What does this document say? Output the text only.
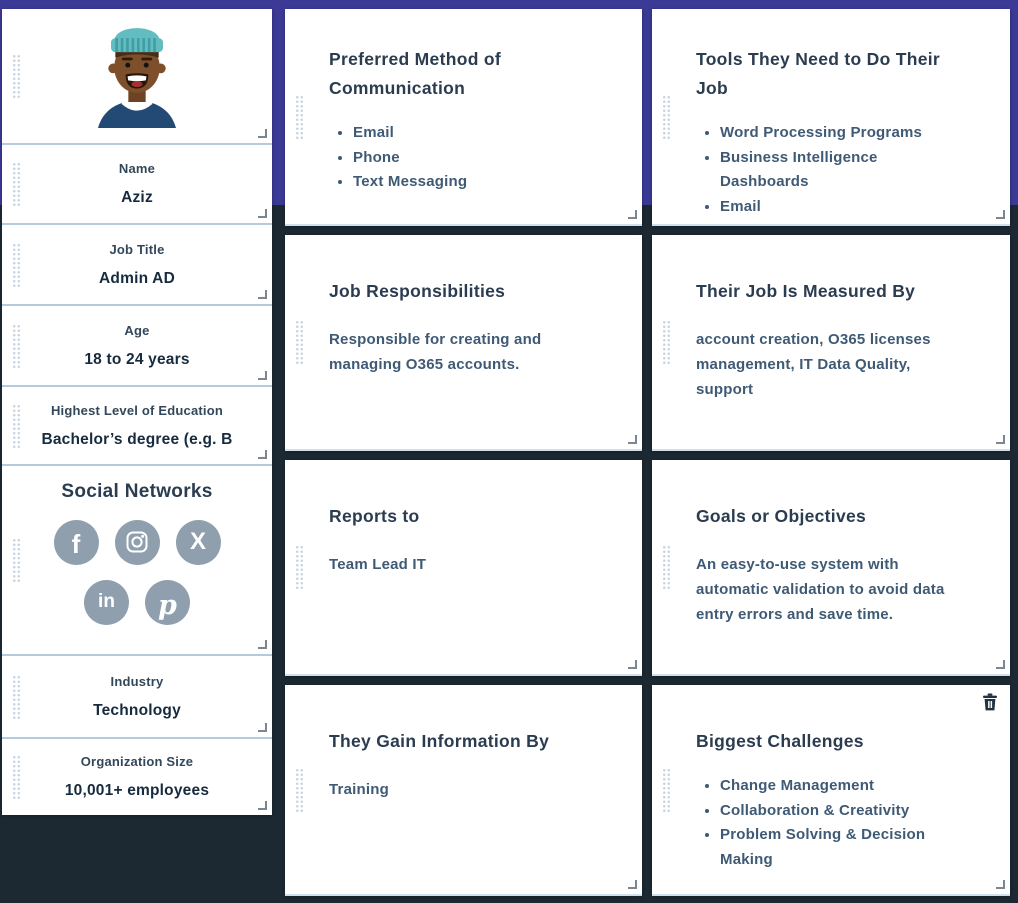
Name
Aziz
Job Title
Admin AD
Age
18 to 24 years
Highest Level of Education
Bachelor’s degree (e.g. B
Social Networks
f	X
in p
Industry
Technology
Organization Size
10,001+ employees
Preferred Method of Communication
• Email
• Phone
• Text Messaging
Tools They Need to Do Their Job
• Word Processing Programs
• Business Intelligence Dashboards
• Email
Job Responsibilities

Responsible for creating and managing O365 accounts.

Their Job Is Measured By

account creation, O365 licenses management, IT Data Quality, support

Reports to

Team Lead IT

Goals or Objectives

An easy-to-use system with automatic validation to avoid data entry errors and save time.

They Gain Information By

Training

Biggest Challenges
• Change Management
• Collaboration & Creativity
• Problem Solving & Decision Making
